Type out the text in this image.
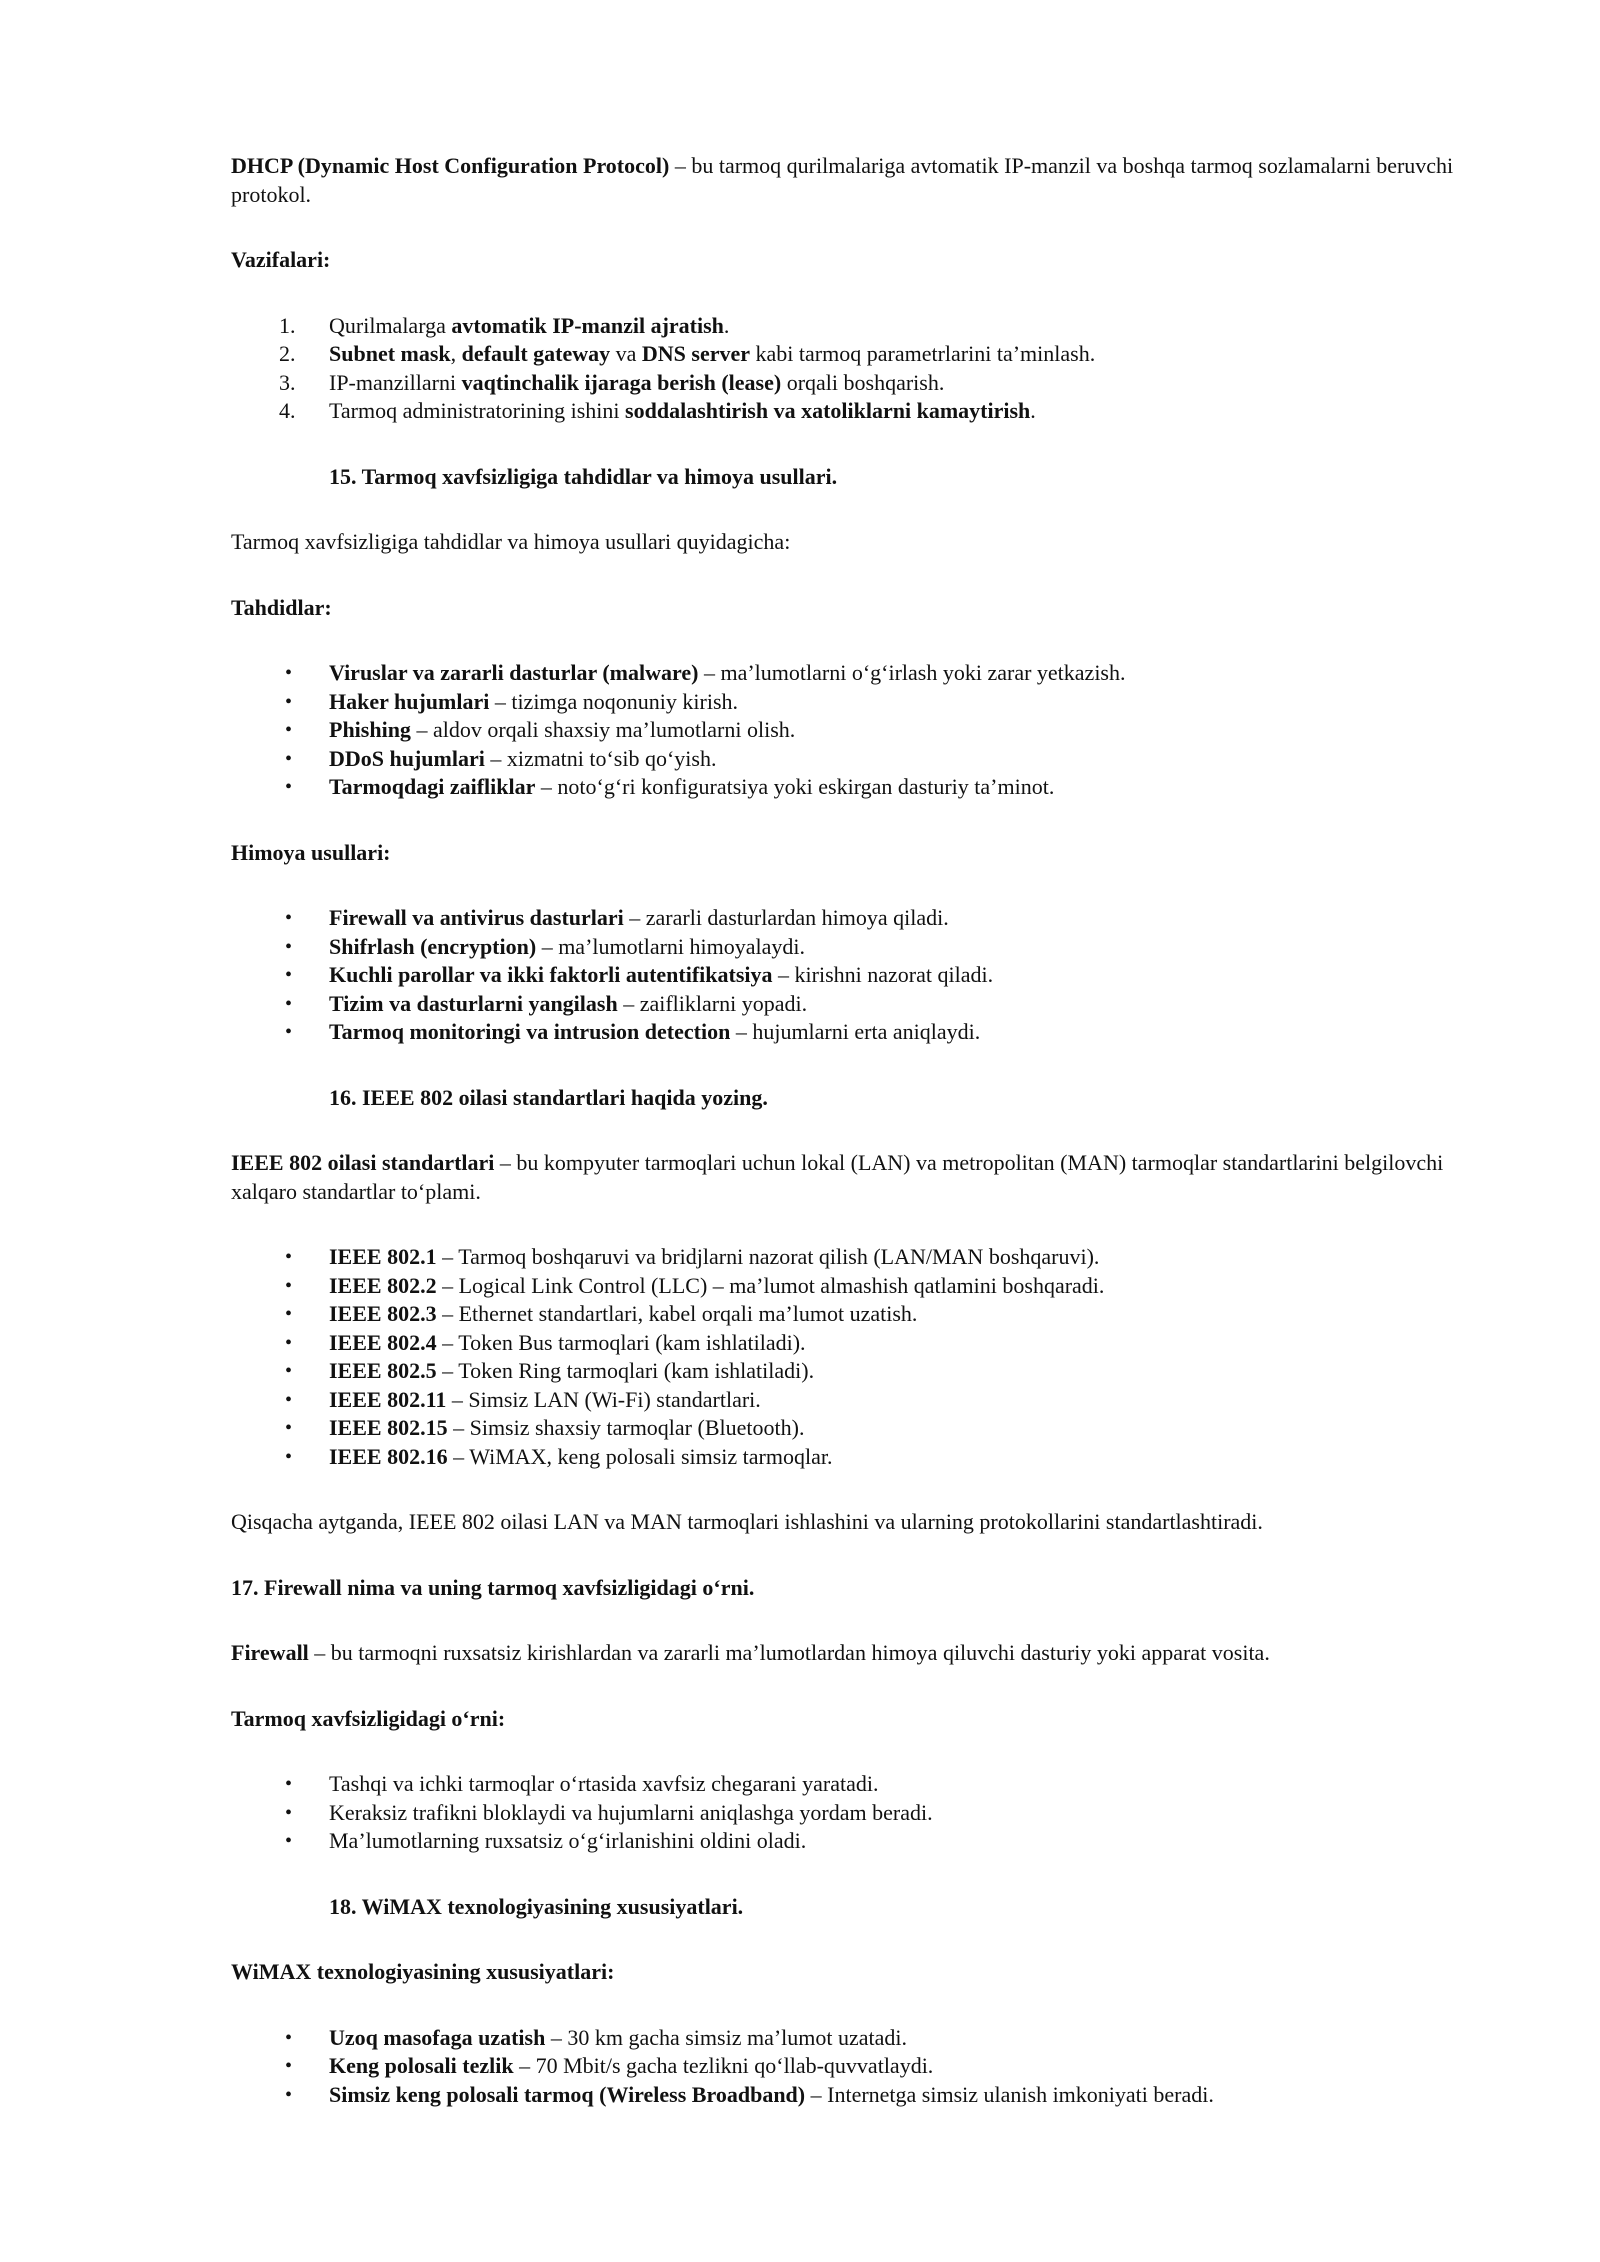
DHCP (Dynamic Host Configuration Protocol) – bu tarmoq qurilmalariga avtomatik IP-manzil va boshqa tarmoq sozlamalarni beruvchi protokol.

Vazifalari:

1.	Qurilmalarga avtomatik IP-manzil ajratish.
2.	Subnet mask, default gateway va DNS server kabi tarmoq parametrlarini ta’minlash.
3.	IP-manzillarni vaqtinchalik ijaraga berish (lease) orqali boshqarish.
4.	Tarmoq administratorining ishini soddalashtirish va xatoliklarni kamaytirish.

15. Tarmoq xavfsizligiga tahdidlar va himoya usullari.

Tarmoq xavfsizligiga tahdidlar va himoya usullari quyidagicha:

Tahdidlar:

•	Viruslar va zararli dasturlar (malware) – ma’lumotlarni o‘g‘irlash yoki zarar yetkazish.
•	Haker hujumlari – tizimga noqonuniy kirish.
•	Phishing – aldov orqali shaxsiy ma’lumotlarni olish.
•	DDoS hujumlari – xizmatni to‘sib qo‘yish.
•	Tarmoqdagi zaifliklar – noto‘g‘ri konfiguratsiya yoki eskirgan dasturiy ta’minot.

Himoya usullari:

•	Firewall va antivirus dasturlari – zararli dasturlardan himoya qiladi.
•	Shifrlash (encryption) – ma’lumotlarni himoyalaydi.
•	Kuchli parollar va ikki faktorli autentifikatsiya – kirishni nazorat qiladi.
•	Tizim va dasturlarni yangilash – zaifliklarni yopadi.
•	Tarmoq monitoringi va intrusion detection – hujumlarni erta aniqlaydi.

16. IEEE 802 oilasi standartlari haqida yozing.

IEEE 802 oilasi standartlari – bu kompyuter tarmoqlari uchun lokal (LAN) va metropolitan (MAN) tarmoqlar standartlarini belgilovchi xalqaro standartlar to‘plami.

•	IEEE 802.1 – Tarmoq boshqaruvi va bridjlarni nazorat qilish (LAN/MAN boshqaruvi).
•	IEEE 802.2 – Logical Link Control (LLC) – ma’lumot almashish qatlamini boshqaradi.
•	IEEE 802.3 – Ethernet standartlari, kabel orqali ma’lumot uzatish.
•	IEEE 802.4 – Token Bus tarmoqlari (kam ishlatiladi).
•	IEEE 802.5 – Token Ring tarmoqlari (kam ishlatiladi).
•	IEEE 802.11 – Simsiz LAN (Wi-Fi) standartlari.
•	IEEE 802.15 – Simsiz shaxsiy tarmoqlar (Bluetooth).
•	IEEE 802.16 – WiMAX, keng polosali simsiz tarmoqlar.

Qisqacha aytganda, IEEE 802 oilasi LAN va MAN tarmoqlari ishlashini va ularning protokollarini standartlashtiradi.

17. Firewall nima va uning tarmoq xavfsizligidagi o‘rni.

Firewall – bu tarmoqni ruxsatsiz kirishlardan va zararli ma’lumotlardan himoya qiluvchi dasturiy yoki apparat vosita.

Tarmoq xavfsizligidagi o‘rni:

•	Tashqi va ichki tarmoqlar o‘rtasida xavfsiz chegarani yaratadi.
•	Keraksiz trafikni bloklaydi va hujumlarni aniqlashga yordam beradi.
•	Ma’lumotlarning ruxsatsiz o‘g‘irlanishini oldini oladi.

18. WiMAX texnologiyasining xususiyatlari.

WiMAX texnologiyasining xususiyatlari:

•	Uzoq masofaga uzatish – 30 km gacha simsiz ma’lumot uzatadi.
•	Keng polosali tezlik – 70 Mbit/s gacha tezlikni qo‘llab-quvvatlaydi.
•	Simsiz keng polosali tarmoq (Wireless Broadband) – Internetga simsiz ulanish imkoniyati beradi.
